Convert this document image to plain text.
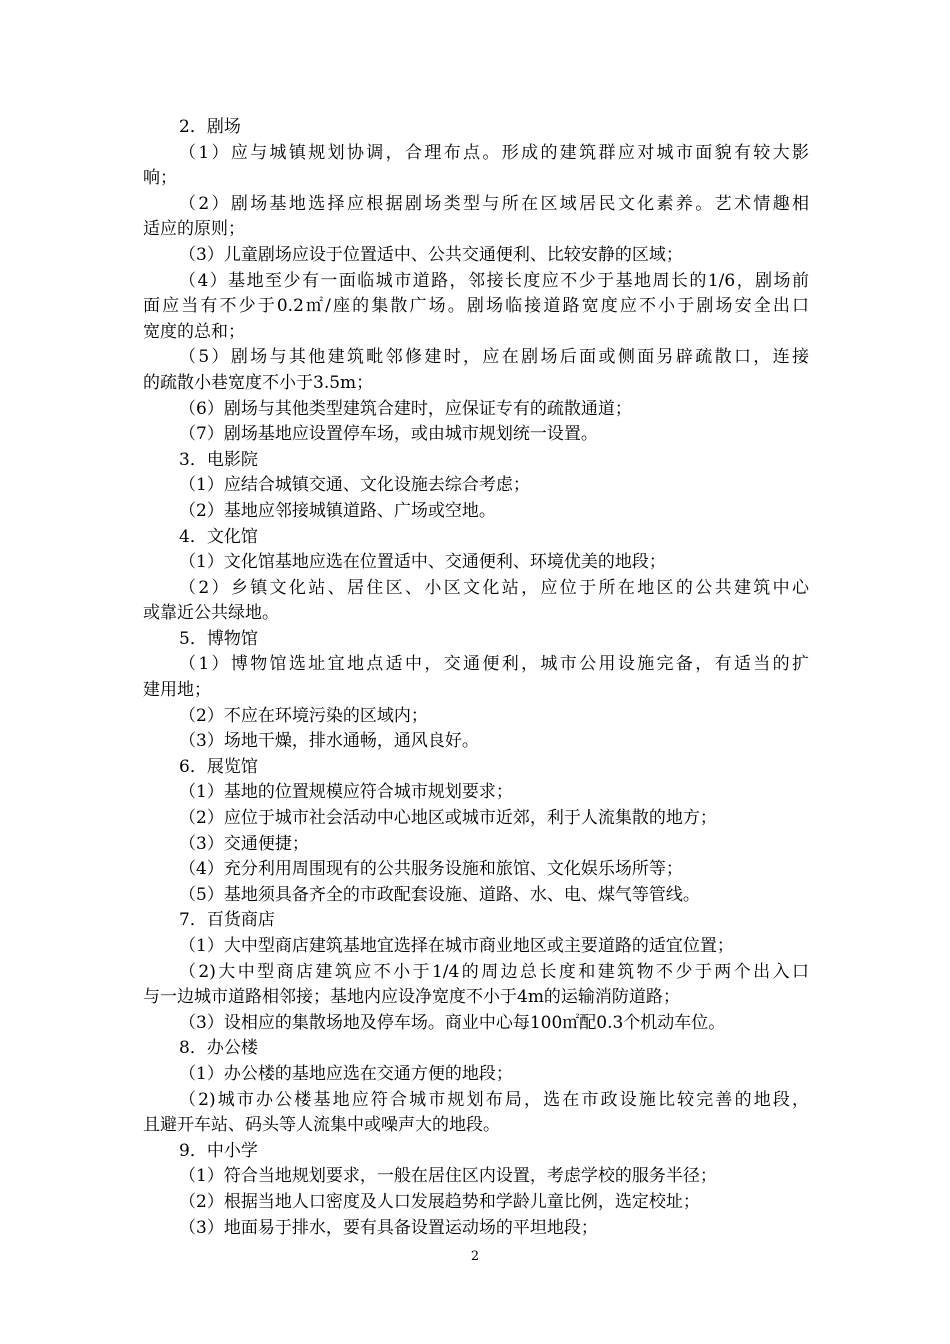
2．剧场
（1）应与城镇规划协调，合理布点。形成的建筑群应对城市面貌有较大影
响；
（2）剧场基地选择应根据剧场类型与所在区域居民文化素养。艺术情趣相
适应的原则；
（3）儿童剧场应设于位置适中、公共交通便利、比较安静的区域；
（4）基地至少有一面临城市道路，邻接长度应不少于基地周长的1/6，剧场前
面应当有不少于0.2㎡/座的集散广场。剧场临接道路宽度应不小于剧场安全出口
宽度的总和；
（5）剧场与其他建筑毗邻修建时，应在剧场后面或侧面另辟疏散口，连接
的疏散小巷宽度不小于3.5m；
（6）剧场与其他类型建筑合建时，应保证专有的疏散通道；
（7）剧场基地应设置停车场，或由城市规划统一设置。
3．电影院
（1）应结合城镇交通、文化设施去综合考虑；
（2）基地应邻接城镇道路、广场或空地。
4．文化馆
（1）文化馆基地应选在位置适中、交通便利、环境优美的地段；
（2）乡镇文化站、居住区、小区文化站，应位于所在地区的公共建筑中心
或靠近公共绿地。
5．博物馆
（1）博物馆选址宜地点适中，交通便利，城市公用设施完备，有适当的扩
建用地；
（2）不应在环境污染的区域内；
（3）场地干燥，排水通畅，通风良好。
6．展览馆
（1）基地的位置规模应符合城市规划要求；
（2）应位于城市社会活动中心地区或城市近郊，利于人流集散的地方；
（3）交通便捷；
（4）充分利用周围现有的公共服务设施和旅馆、文化娱乐场所等；
（5）基地须具备齐全的市政配套设施、道路、水、电、煤气等管线。
7．百货商店
（1）大中型商店建筑基地宜选择在城市商业地区或主要道路的适宜位置；
（2)大中型商店建筑应不小于1/4的周边总长度和建筑物不少于两个出入口
与一边城市道路相邻接；基地内应设净宽度不小于4m的运输消防道路；
（3）设相应的集散场地及停车场。商业中心每100㎡配0.3个机动车位。
8．办公楼
（1）办公楼的基地应选在交通方便的地段；
（2)城市办公楼基地应符合城市规划布局，选在市政设施比较完善的地段，
且避开车站、码头等人流集中或噪声大的地段。
9．中小学
（1）符合当地规划要求，一般在居住区内设置，考虑学校的服务半径；
（2）根据当地人口密度及人口发展趋势和学龄儿童比例，选定校址；
（3）地面易于排水，要有具备设置运动场的平坦地段；
2
